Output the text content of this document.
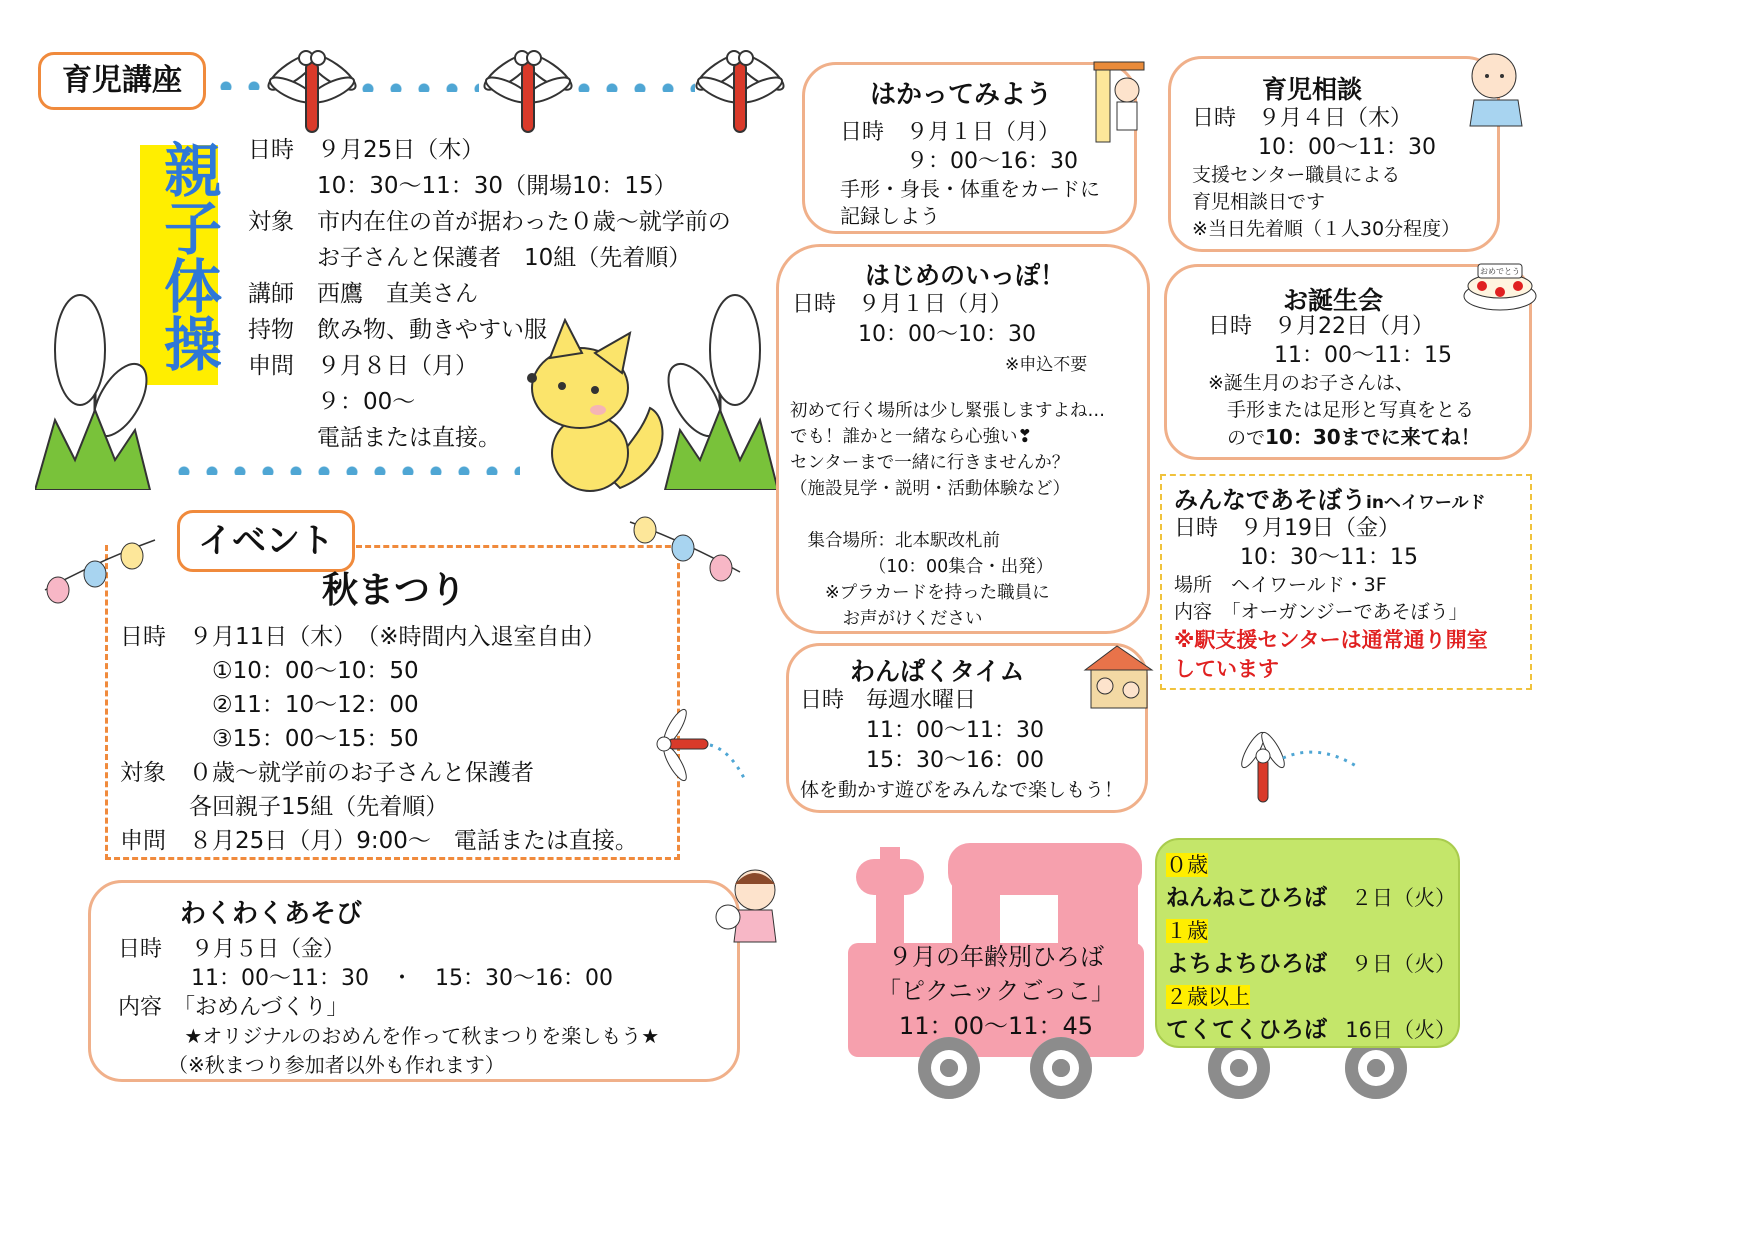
育児講座
親子体操 日時　９月25日（木）
　　　10：30～11：30（開場10：15）
対象　市内在住の首が据わった０歳～就学前の
　　　お子さんと保護者　10組（先着順）
講師　西鷹　直美さん
持物　飲み物、動きやすい服
申問　９月８日（月）
　　　９：00～
　　　電話または直接。
イベント
秋まつり
日時　９月11日（木）　（※時間内入退室自由）
　　　　①10：00～10：50
　　　　②11：10～12：00
　　　　③15：00～15：50
対象　０歳～就学前のお子さんと保護者
　　　各回親子15組（先着順）
申問　８月25日（月）9:00～　電話または直接。
わくわくあそび
日時　 ９月５日（金）
　　　 11：00～11：30　・　15：30～16：00
内容　「おめんづくり」
　　　 ★オリジナルのおめんを作って秋まつりを楽しもう★
　　　（※秋まつり参加者以外も作れます）
はかってみよう
日時　９月１日（月）
　　　９：00～16：30
手形・身長・体重をカードに
記録しよう
はじめのいっぽ！
日時　９月１日（月）
　　　10：00～10：30
※申込不要
初めて行く場所は少し緊張しますよね…
でも！誰かと一緒なら心強い❣
センターまで一緒に行きませんか？
（施設見学・説明・活動体験など）
　集合場所：北本駅改札前
　　　　　（10：00集合・出発）
　　※プラカードを持った職員に
　　　お声がけください
わんぱくタイム
日時　毎週水曜日
　　　11：00～11：30
　　　15：30～16：00
体を動かす遊びをみんなで楽しもう！
育児相談
日時　９月４日（木）
　　　10：00～11：30
支援センター職員による
育児相談日です
※当日先着順（１人30分程度）
お誕生会
日時　９月22日（月）
　　　11：00～11：15
※誕生月のお子さんは、
　手形または足形と写真をとる
　ので10：30までに来てね！
おめでとう
みんなであそぼうinヘイワールド
日時　９月19日（金）
　　　10：30～11：15
場所　ヘイワールド・3F
内容　「オーガンジーであそぼう」
※駅支援センターは通常通り開室
しています
９月の年齢別ひろば
「ピクニックごっこ」
11：00～11：45
０歳
ねんねこひろば ２日（火）
１歳
よちよちひろば ９日（火）
２歳以上
てくてくひろば 16日（火）
